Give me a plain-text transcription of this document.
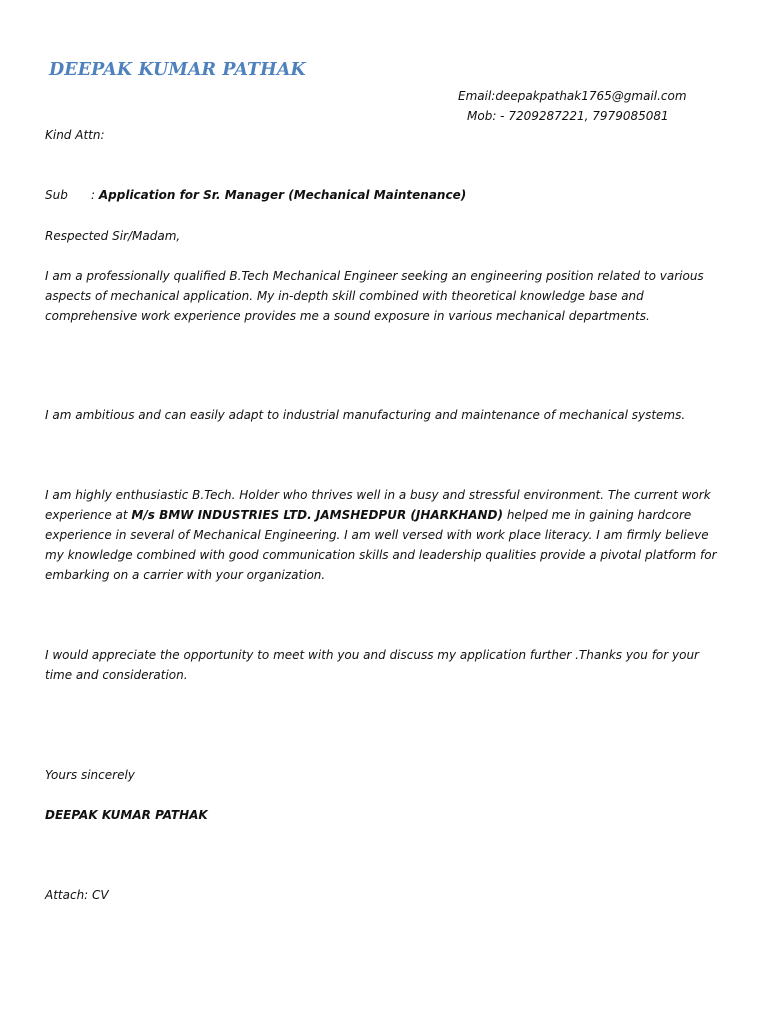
DEEPAK KUMAR PATHAK
Email:deepakpathak1765@gmail.com
Mob: - 7209287221, 7979085081
Kind Attn:
Sub : Application for Sr. Manager (Mechanical Maintenance)
Respected Sir/Madam,

I am a professionally qualified B.Tech Mechanical Engineer seeking an engineering position related to various aspects of mechanical application. My in-depth skill combined with theoretical knowledge base and comprehensive work experience provides me a sound exposure in various mechanical departments.

I am ambitious and can easily adapt to industrial manufacturing and maintenance of mechanical systems.

I am highly enthusiastic B.Tech. Holder who thrives well in a busy and stressful environment. The current work experience at M/s BMW INDUSTRIES LTD. JAMSHEDPUR (JHARKHAND) helped me in gaining hardcore experience in several of Mechanical Engineering. I am well versed with work place literacy. I am firmly believe my knowledge combined with good communication skills and leadership qualities provide a pivotal platform for embarking on a carrier with your organization.

I would appreciate the opportunity to meet with you and discuss my application further .Thanks you for your time and consideration.

Yours sincerely
DEEPAK KUMAR PATHAK
Attach: CV
